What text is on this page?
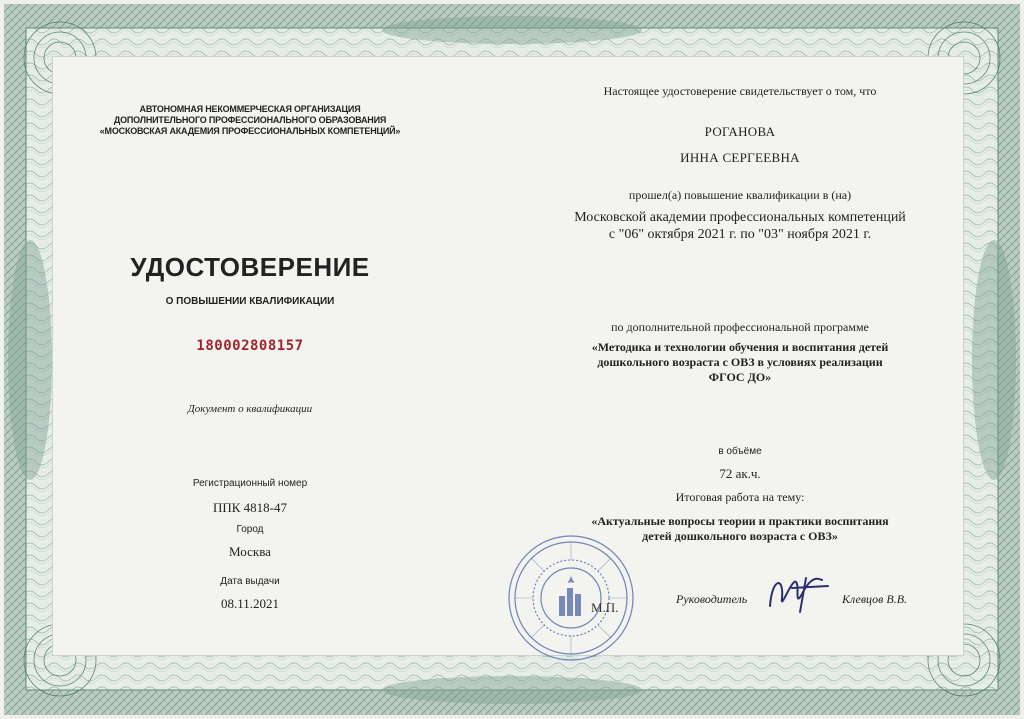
АВТОНОМНАЯ НЕКОММЕРЧЕСКАЯ ОРГАНИЗАЦИЯ
ДОПОЛНИТЕЛЬНОГО ПРОФЕССИОНАЛЬНОГО ОБРАЗОВАНИЯ
«МОСКОВСКАЯ АКАДЕМИЯ ПРОФЕССИОНАЛЬНЫХ КОМПЕТЕНЦИЙ»
УДОСТОВЕРЕНИЕ
О ПОВЫШЕНИИ КВАЛИФИКАЦИИ
180002808157
Документ о квалификации
Регистрационный номер
ППК 4818-47
Город
Москва
Дата выдачи
08.11.2021
Настоящее удостоверение свидетельствует о том, что
РОГАНОВА
ИННА СЕРГЕЕВНА
прошел(а) повышение квалификации в (на)
Московской академии профессиональных компетенций
с "06" октября 2021 г. по "03" ноября 2021 г.
по дополнительной профессиональной программе
«Методика и технологии обучения и воспитания детей
дошкольного возраста с ОВЗ в условиях реализации
ФГОС ДО»
в объёме
72 ак.ч.
Итоговая работа на тему:
«Актуальные вопросы теории и практики воспитания
детей дошкольного возраста с ОВЗ»
Руководитель	Клевцов В.В.
М.П.
